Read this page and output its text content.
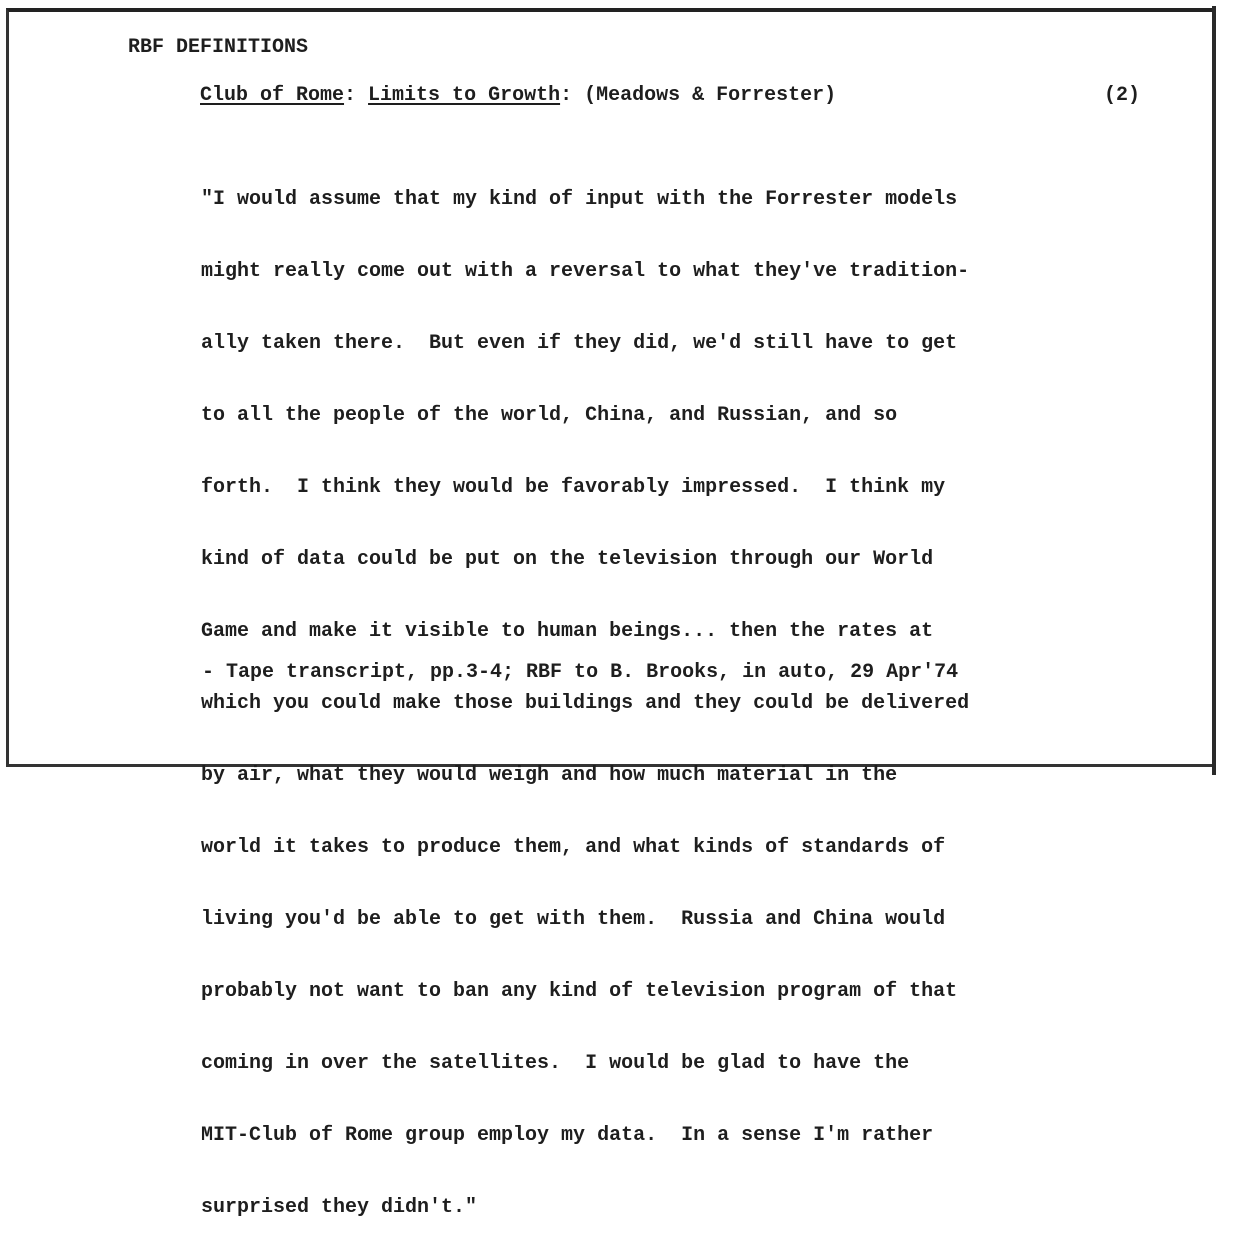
RBF DEFINITIONS
Club of Rome: Limits to Growth: (Meadows & Forrester)	(2)

"I would assume that my kind of input with the Forrester models

might really come out with a reversal to what they've tradition-

ally taken there.  But even if they did, we'd still have to get

to all the people of the world, China, and Russian, and so

forth.  I think they would be favorably impressed.  I think my

kind of data could be put on the television through our World

Game and make it visible to human beings... then the rates at

which you could make those buildings and they could be delivered

by air, what they would weigh and how much material in the

world it takes to produce them, and what kinds of standards of

living you'd be able to get with them.  Russia and China would

probably not want to ban any kind of television program of that

coming in over the satellites.  I would be glad to have the

MIT-Club of Rome group employ my data.  In a sense I'm rather

surprised they didn't."

- Tape transcript, pp.3-4; RBF to B. Brooks, in auto, 29 Apr'74
